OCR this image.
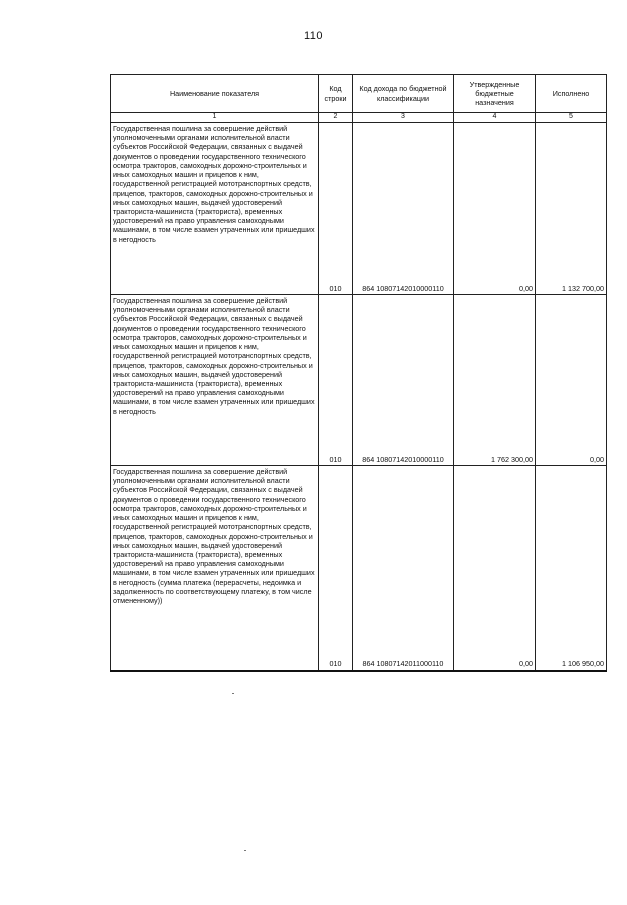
110
Наименование показателя	Код строки	Код дохода по бюджетной классификации	Утвержденные бюджетные назначения	Исполнено
1	2	3	4	5
Государственная пошлина за совершение действий уполномоченными органами исполнительной власти субъектов Российской Федерации, связанных с выдачей документов о проведении государственного технического осмотра тракторов, самоходных дорожно-строительных и иных самоходных машин и прицепов к ним, государственной регистрацией мототранспортных средств, прицепов, тракторов, самоходных дорожно-строительных и иных самоходных машин, выдачей удостоверений тракториста-машиниста (тракториста), временных удостоверений на право управления самоходными машинами, в том числе взамен утраченных или пришедших в негодность	010	864 10807142010000110	0,00	1 132 700,00
Государственная пошлина за совершение действий уполномоченными органами исполнительной власти субъектов Российской Федерации, связанных с выдачей документов о проведении государственного технического осмотра тракторов, самоходных дорожно-строительных и иных самоходных машин и прицепов к ним, государственной регистрацией мототранспортных средств, прицепов, тракторов, самоходных дорожно-строительных и иных самоходных машин, выдачей удостоверений тракториста-машиниста (тракториста), временных удостоверений на право управления самоходными машинами, в том числе взамен утраченных или пришедших в негодность	010	864 10807142010000110	1 762 300,00	0,00
Государственная пошлина за совершение действий уполномоченными органами исполнительной власти субъектов Российской Федерации, связанных с выдачей документов о проведении государственного технического осмотра тракторов, самоходных дорожно-строительных и иных самоходных машин и прицепов к ним, государственной регистрацией мототранспортных средств, прицепов, тракторов, самоходных дорожно-строительных и иных самоходных машин, выдачей удостоверений тракториста-машиниста (тракториста), временных удостоверений на право управления самоходными машинами, в том числе взамен утраченных или пришедших в негодность (сумма платежа (перерасчеты, недоимка и задолженность по соответствующему платежу, в том числе отмененному))	010	864 10807142011000110	0,00	1 106 950,00
